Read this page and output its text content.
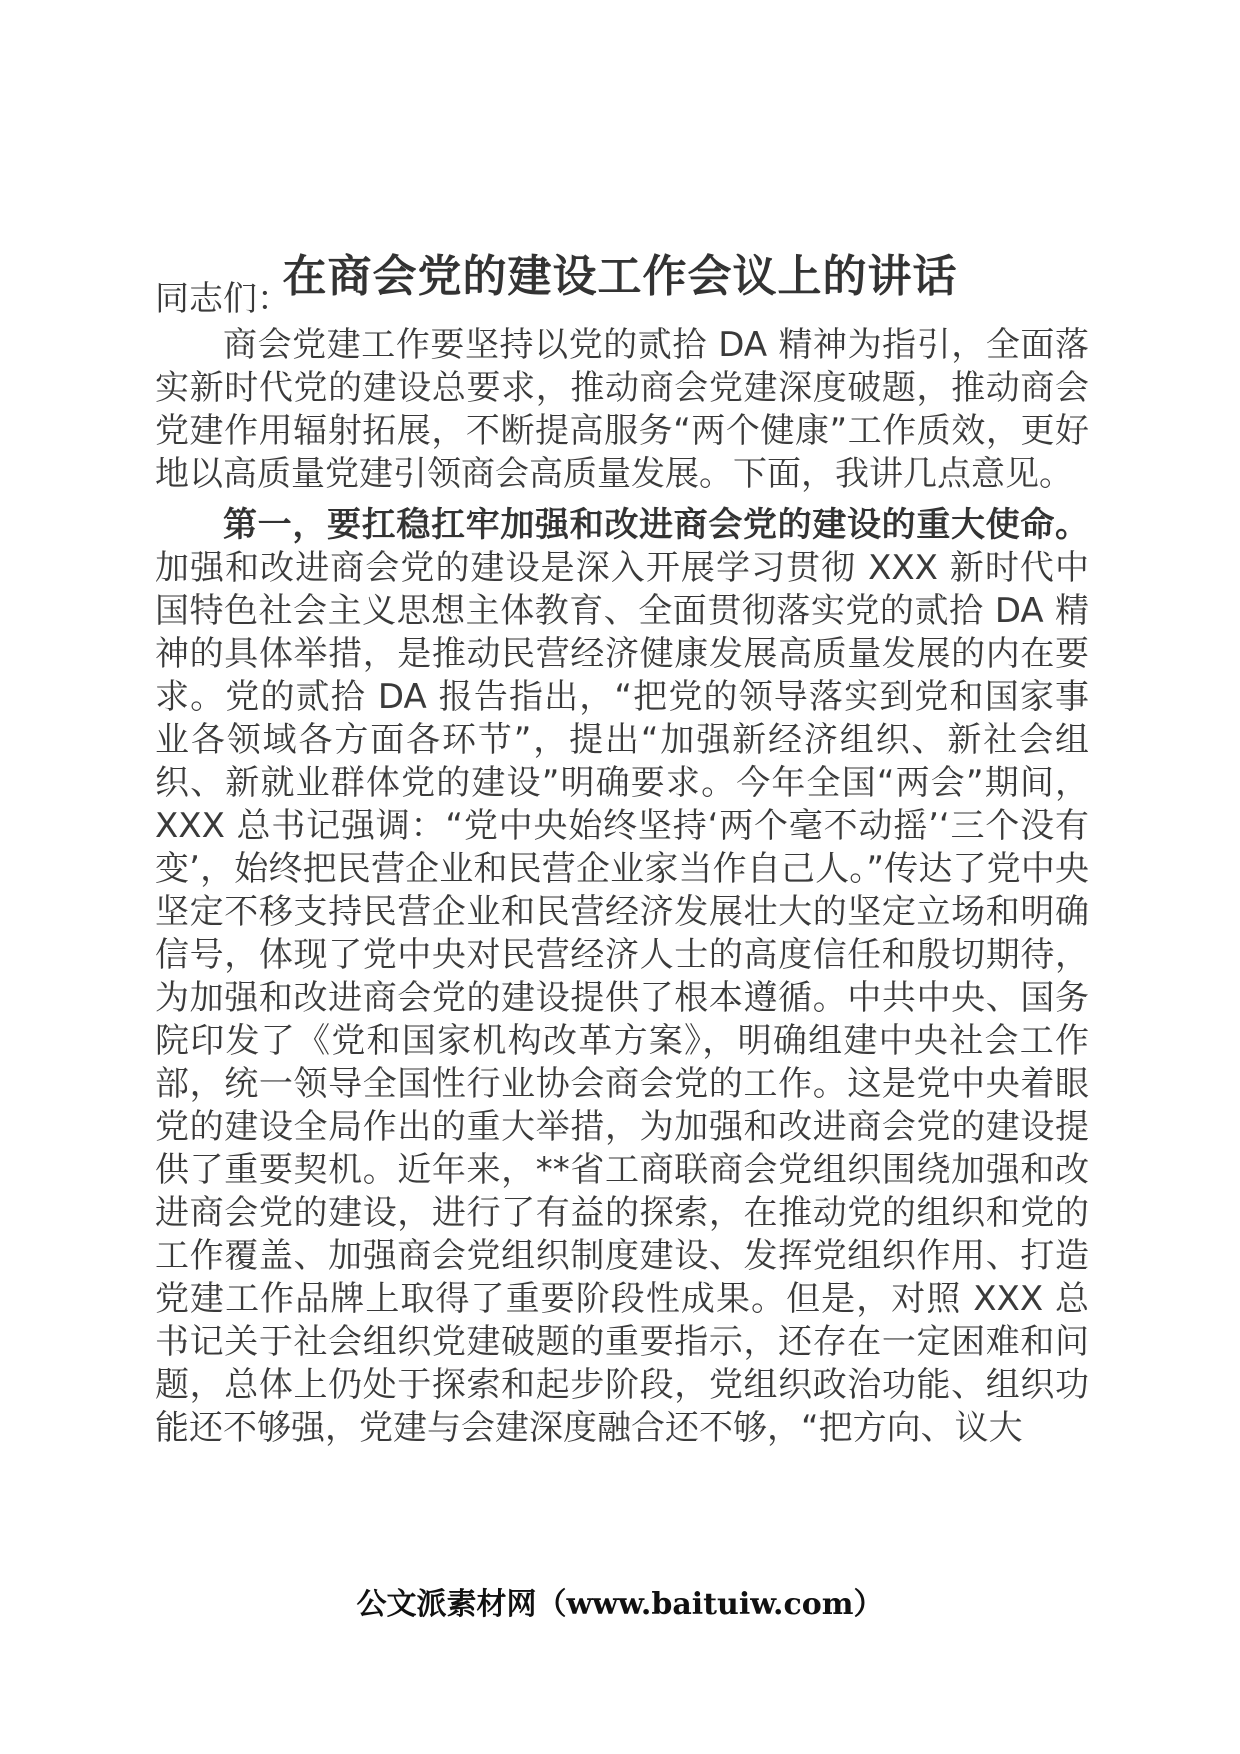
在商会党的建设工作会议上的讲话

同志们：

商会党建工作要坚持以党的贰拾 DA 精神为指引，全面落实新时代党的建设总要求，推动商会党建深度破题，推动商会党建作用辐射拓展，不断提高服务“两个健康”工作质效，更好地以高质量党建引领商会高质量发展。下面，我讲几点意见。

第一，要扛稳扛牢加强和改进商会党的建设的重大使命。加强和改进商会党的建设是深入开展学习贯彻 XXX 新时代中国特色社会主义思想主体教育、全面贯彻落实党的贰拾 DA 精神的具体举措，是推动民营经济健康发展高质量发展的内在要求。党的贰拾 DA 报告指出，“把党的领导落实到党和国家事业各领域各方面各环节”，提出“加强新经济组织、新社会组织、新就业群体党的建设”明确要求。今年全国“两会”期间，XXX 总书记强调：“党中央始终坚持‘两个毫不动摇’‘三个没有变’，始终把民营企业和民营企业家当作自己人。”传达了党中央坚定不移支持民营企业和民营经济发展壮大的坚定立场和明确信号，体现了党中央对民营经济人士的高度信任和殷切期待，为加强和改进商会党的建设提供了根本遵循。中共中央、国务院印发了《党和国家机构改革方案》，明确组建中央社会工作部，统一领导全国性行业协会商会党的工作。这是党中央着眼党的建设全局作出的重大举措，为加强和改进商会党的建设提供了重要契机。近年来，**省工商联商会党组织围绕加强和改进商会党的建设，进行了有益的探索，在推动党的组织和党的工作覆盖、加强商会党组织制度建设、发挥党组织作用、打造党建工作品牌上取得了重要阶段性成果。但是，对照 XXX 总书记关于社会组织党建破题的重要指示，还存在一定困难和问题，总体上仍处于探索和起步阶段，党组织政治功能、组织功能还不够强，党建与会建深度融合还不够，“把方向、议大

公文派素材网（www.baituiw.com）
